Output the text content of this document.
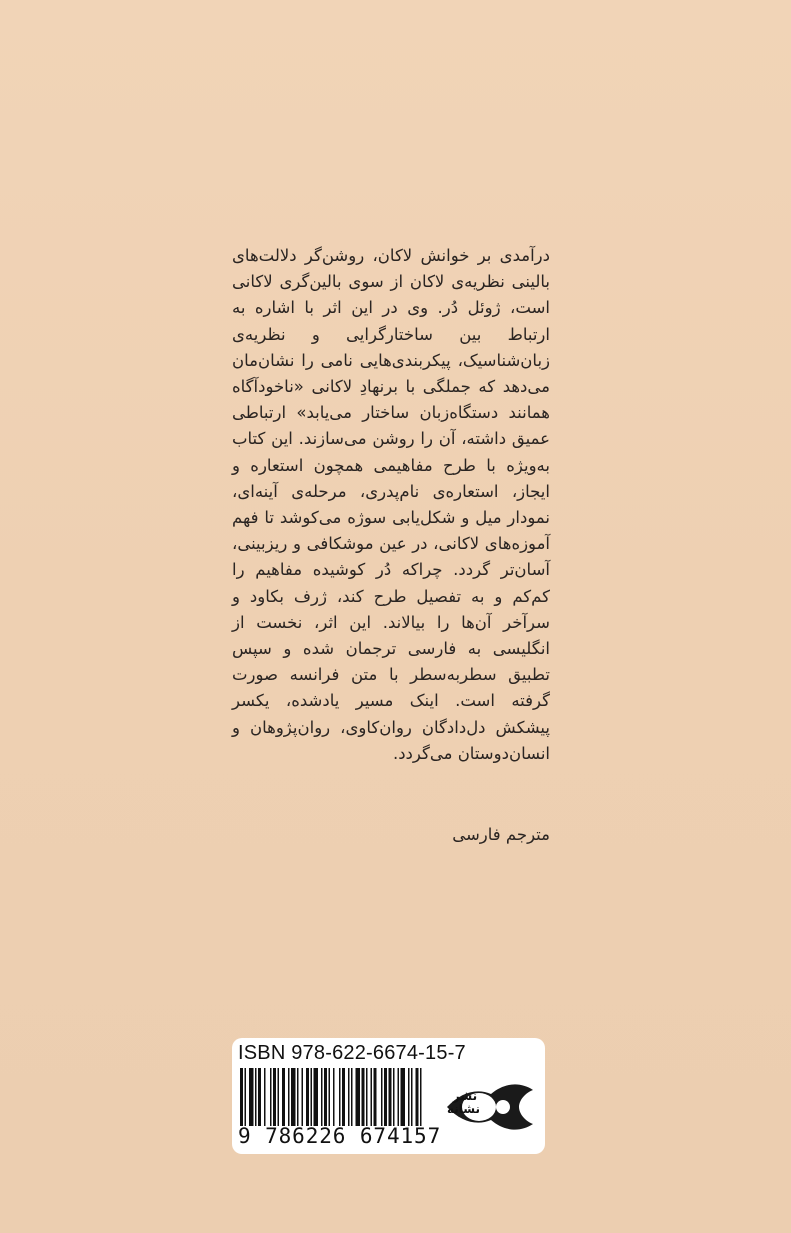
درآمدی بر خوانش لاکان، روشن‌گر دلالت‌های بالینی نظریه‌ی لاکان از سوی بالین‌گری لاکانی است، ژوئل دُر. وی در این اثر با اشاره به ارتباط بین ساختارگرایی و نظریه‌ی زبان‌شناسیک، پیکربندی‌هایی نامی را نشان‌مان می‌دهد که جملگی با برنهادِ لاکانی «ناخودآگاه همانند دستگاه‌زبان ساختار می‌یابد» ارتباطی عمیق داشته، آن را روشن می‌سازند. این کتاب به‌ویژه با طرح مفاهیمی همچون استعاره و ایجاز، استعاره‌ی نام‌پدری، مرحله‌ی آینه‌ای، نمودار میل و شکل‌یابی سوژه می‌کوشد تا فهم آموزه‌های لاکانی، در عین موشکافی و ریزبینی، آسان‌تر گردد. چراکه دُر کوشیده مفاهیم را کم‌کم و به تفصیل طرح کند، ژرف بکاود و سرآخر آن‌ها را بیالاند. این اثر، نخست از انگلیسی به فارسی ترجمان شده و سپس تطبیق سطربه‌سطر با متن فرانسه صورت گرفته است. اینک مسیر یادشده، یکسر پیشکش دل‌دادگان روان‌کاوی، روان‌پژوهان و انسان‌دوستان می‌گردد.

مترجم فارسی
ISBN 978-622-6674-15-7
9 786226 674157
نشر نشانه
